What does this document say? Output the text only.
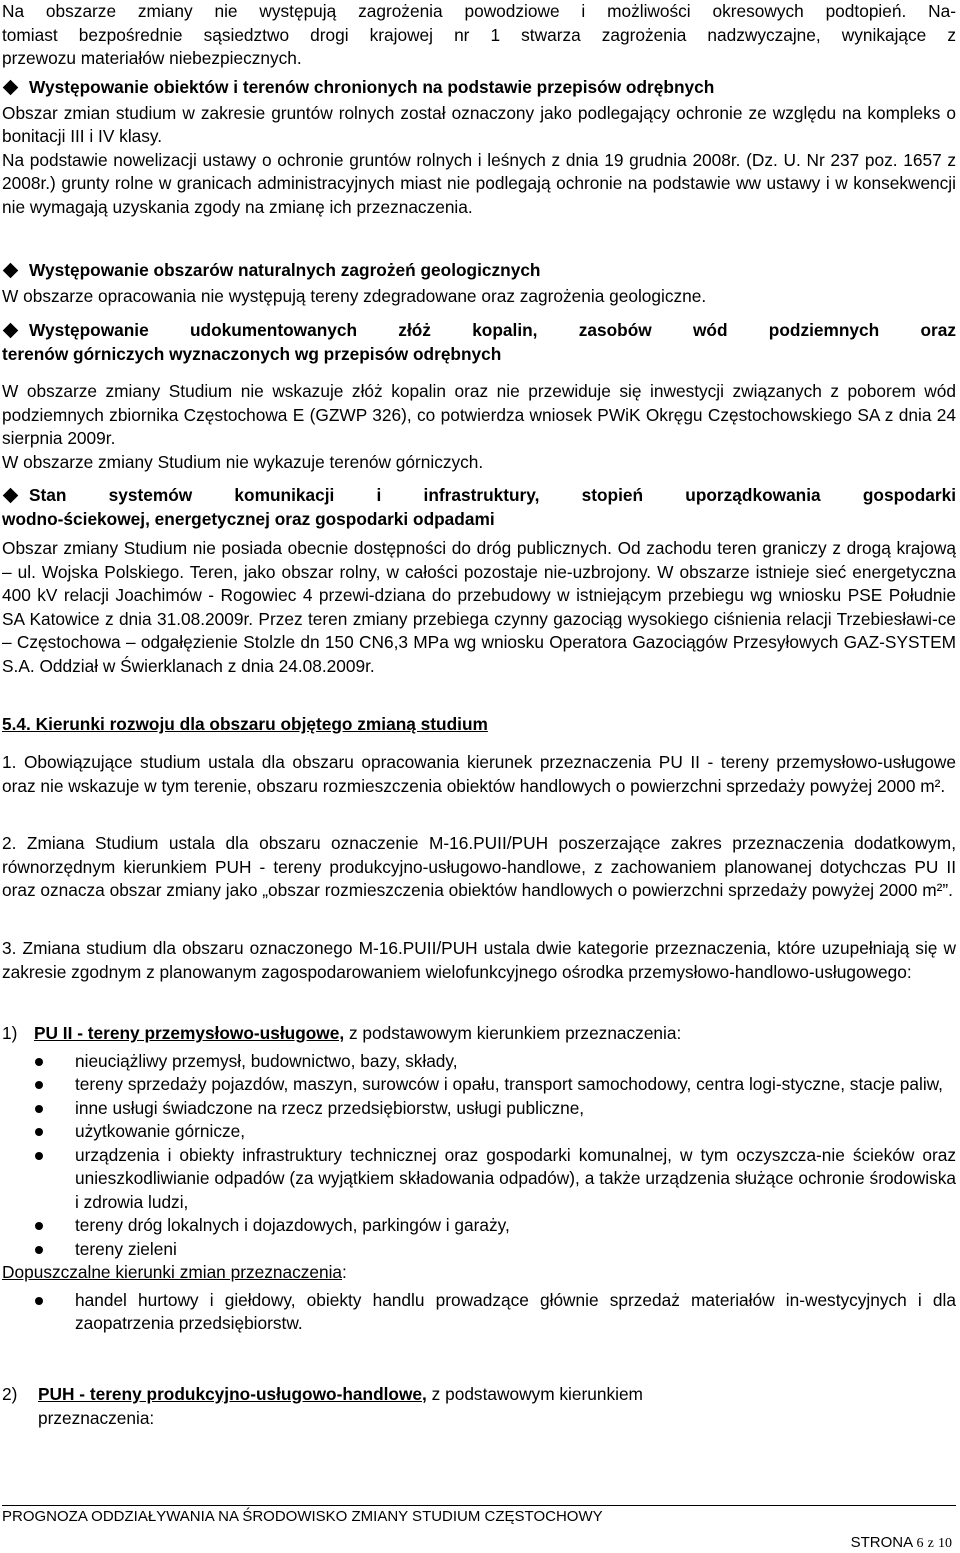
Na obszarze zmiany nie występują zagrożenia powodziowe i możliwości okresowych podtopień. Na-

tomiast bezpośrednie sąsiedztwo drogi krajowej nr 1 stwarza zagrożenia nadzwyczajne, wynikające z

przewozu materiałów niebezpiecznych.

Występowanie obiektów i terenów chronionych na podstawie przepisów odrębnych

Obszar zmian studium w zakresie gruntów rolnych został oznaczony jako podlegający ochronie ze względu na kompleks o bonitacji III i IV klasy.

Na podstawie nowelizacji ustawy o ochronie gruntów rolnych i leśnych z dnia 19 grudnia 2008r. (Dz. U. Nr 237 poz. 1657 z 2008r.) grunty rolne w granicach administracyjnych miast nie podlegają ochronie na podstawie ww ustawy i w konsekwencji nie wymagają uzyskania zgody na zmianę ich przeznaczenia.

Występowanie obszarów naturalnych zagrożeń geologicznych

W obszarze opracowania nie występują tereny zdegradowane oraz zagrożenia geologiczne.

Występowanie udokumentowanych złóż kopalin, zasobów wód podziemnych oraz
terenów górniczych wyznaczonych wg przepisów odrębnych

W obszarze zmiany Studium nie wskazuje złóż kopalin oraz nie przewiduje się inwestycji związanych z poborem wód podziemnych zbiornika Częstochowa E (GZWP 326), co potwierdza wniosek PWiK Okręgu Częstochowskiego SA z dnia 24 sierpnia 2009r.

W obszarze zmiany Studium nie wykazuje terenów górniczych.

Stan systemów komunikacji i infrastruktury, stopień uporządkowania gospodarki
wodno-ściekowej, energetycznej oraz gospodarki odpadami

Obszar zmiany Studium nie posiada obecnie dostępności do dróg publicznych. Od zachodu teren graniczy z drogą krajową – ul. Wojska Polskiego. Teren, jako obszar rolny, w całości pozostaje nie-uzbrojony. W obszarze istnieje sieć energetyczna 400 kV relacji Joachimów - Rogowiec 4 przewi-dziana do przebudowy w istniejącym przebiegu wg wniosku PSE Południe SA Katowice z dnia 31.08.2009r. Przez teren zmiany przebiega czynny gazociąg wysokiego ciśnienia relacji Trzebiesławi-ce – Częstochowa – odgałęzienie Stolzle dn 150 CN6,3 MPa wg wniosku Operatora Gazociągów Przesyłowych GAZ-SYSTEM S.A. Oddział w Świerklanach z dnia 24.08.2009r.

5.4. Kierunki rozwoju dla obszaru objętego zmianą studium

1. Obowiązujące studium ustala dla obszaru opracowania kierunek przeznaczenia PU II - tereny przemysłowo-usługowe oraz nie wskazuje w tym terenie, obszaru rozmieszczenia obiektów handlowych o powierzchni sprzedaży powyżej 2000 m².

2. Zmiana Studium ustala dla obszaru oznaczenie M-16.PUII/PUH poszerzające zakres przeznaczenia dodatkowym, równorzędnym kierunkiem PUH - tereny produkcyjno-usługowo-handlowe, z zachowaniem planowanej dotychczas PU II oraz oznacza obszar zmiany jako „obszar rozmieszczenia obiektów handlowych o powierzchni sprzedaży powyżej 2000 m²”.

3. Zmiana studium dla obszaru oznaczonego M-16.PUII/PUH ustala dwie kategorie przeznaczenia, które uzupełniają się w zakresie zgodnym z planowanym zagospodarowaniem wielofunkcyjnego ośrodka przemysłowo-handlowo-usługowego:

1) PU II - tereny przemysłowo-usługowe, z podstawowym kierunkiem przeznaczenia:
nieuciążliwy przemysł, budownictwo, bazy, składy,
tereny sprzedaży pojazdów, maszyn, surowców i opału, transport samochodowy, centra logi-styczne, stacje paliw,
inne usługi świadczone na rzecz przedsiębiorstw, usługi publiczne,
użytkowanie górnicze,
urządzenia i obiekty infrastruktury technicznej oraz gospodarki komunalnej, w tym oczyszcza-nie ścieków oraz unieszkodliwianie odpadów (za wyjątkiem składowania odpadów), a także urządzenia służące ochronie środowiska i zdrowia ludzi,
tereny dróg lokalnych i dojazdowych, parkingów i garaży,
tereny zieleni

Dopuszczalne kierunki zmian przeznaczenia:

handel hurtowy i giełdowy, obiekty handlu prowadzące głównie sprzedaż materiałów in-westycyjnych i dla zaopatrzenia przedsiębiorstw.
2)	PUH - tereny produkcyjno-usługowo-handlowe, z podstawowym kierunkiem

przeznaczenia:

PROGNOZA ODDZIAŁYWANIA NA ŚRODOWISKO ZMIANY STUDIUM CZĘSTOCHOWY
STRONA 6 z 10
